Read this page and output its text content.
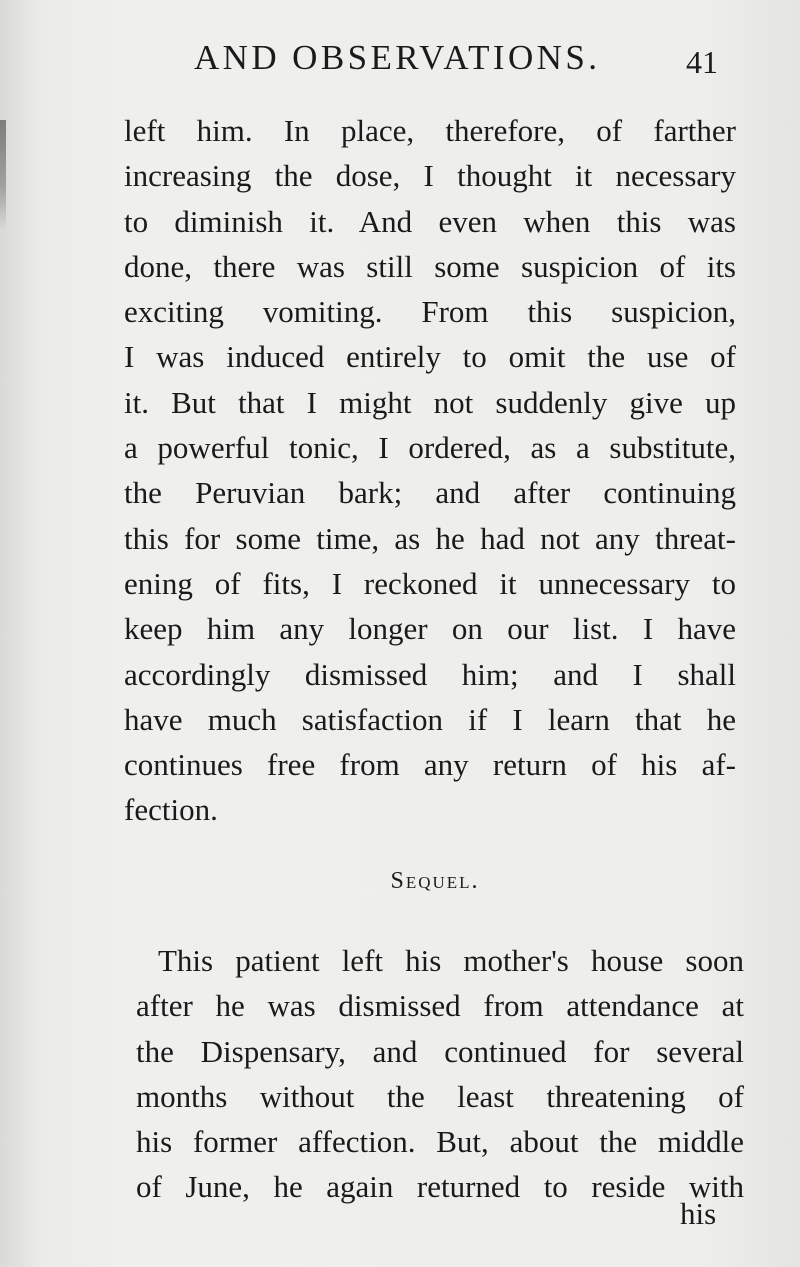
AND OBSERVATIONS.	41
left him. In place, therefore, of farther
increasing the dose, I thought it necessary
to diminish it. And even when this was
done, there was still some suspicion of its
exciting vomiting. From this suspicion,
I was induced entirely to omit the use of
it. But that I might not suddenly give up
a powerful tonic, I ordered, as a substitute,
the Peruvian bark; and after continuing
this for some time, as he had not any threat-
ening of fits, I reckoned it unnecessary to
keep him any longer on our list. I have
accordingly dismissed him; and I shall
have much satisfaction if I learn that he
continues free from any return of his af-
fection.
Sequel.
This patient left his mother's house soon
after he was dismissed from attendance at
the Dispensary, and continued for several
months without the least threatening of
his former affection. But, about the middle
of June, he again returned to reside with
his
